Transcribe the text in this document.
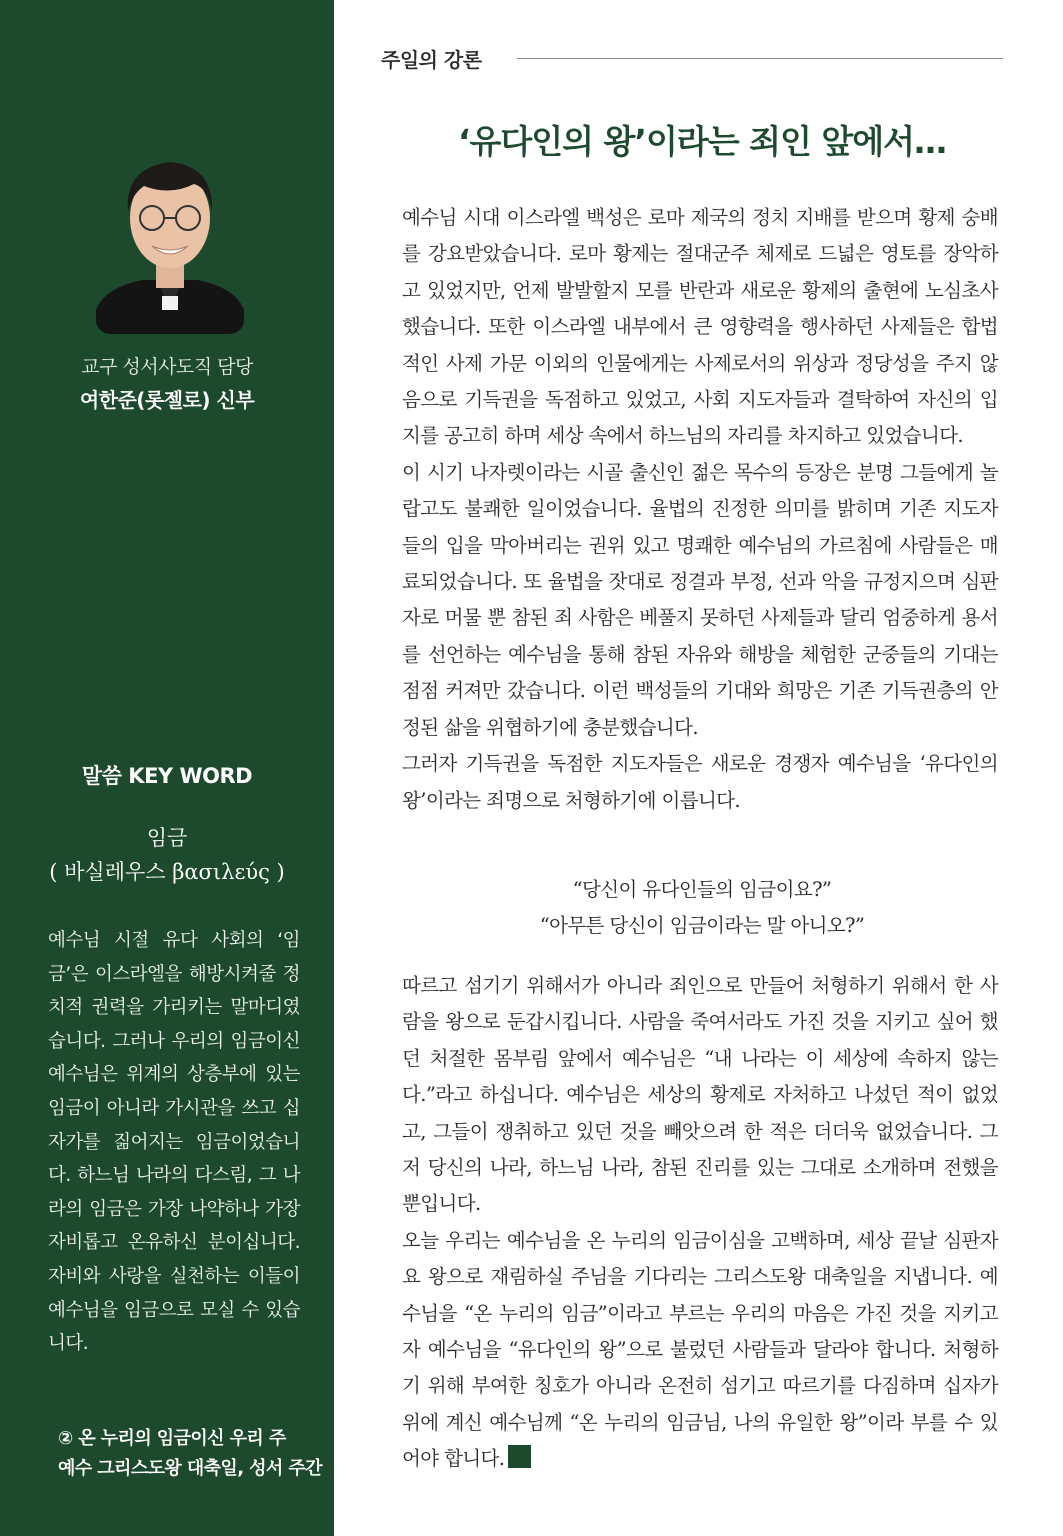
교구 성서사도직 담당
여한준(롯젤로) 신부
말씀 KEY WORD
임금
( 바실레우스 βασιλεύς )
예수님 시절 유다 사회의 ‘임금’은 이스라엘을 해방시켜줄 정치적 권력을 가리키는 말마디였습니다. 그러나 우리의 임금이신 예수님은 위계의 상층부에 있는 임금이 아니라 가시관을 쓰고 십자가를 짊어지는 임금이었습니다. 하느님 나라의 다스림, 그 나라의 임금은 가장 나약하나 가장 자비롭고 온유하신 분이십니다. 자비와 사랑을 실천하는 이들이 예수님을 임금으로 모실 수 있습니다.
② 온 누리의 임금이신 우리 주
예수 그리스도왕 대축일, 성서 주간
주일의 강론
‘유다인의 왕’이라는 죄인 앞에서…

예수님 시대 이스라엘 백성은 로마 제국의 정치 지배를 받으며 황제 숭배를 강요받았습니다. 로마 황제는 절대군주 체제로 드넓은 영토를 장악하고 있었지만, 언제 발발할지 모를 반란과 새로운 황제의 출현에 노심초사했습니다. 또한 이스라엘 내부에서 큰 영향력을 행사하던 사제들은 합법적인 사제 가문 이외의 인물에게는 사제로서의 위상과 정당성을 주지 않음으로 기득권을 독점하고 있었고, 사회 지도자들과 결탁하여 자신의 입지를 공고히 하며 세상 속에서 하느님의 자리를 차지하고 있었습니다.

이 시기 나자렛이라는 시골 출신인 젊은 목수의 등장은 분명 그들에게 놀랍고도 불쾌한 일이었습니다. 율법의 진정한 의미를 밝히며 기존 지도자들의 입을 막아버리는 권위 있고 명쾌한 예수님의 가르침에 사람들은 매료되었습니다. 또 율법을 잣대로 정결과 부정, 선과 악을 규정지으며 심판자로 머물 뿐 참된 죄 사함은 베풀지 못하던 사제들과 달리 엄중하게 용서를 선언하는 예수님을 통해 참된 자유와 해방을 체험한 군중들의 기대는 점점 커져만 갔습니다. 이런 백성들의 기대와 희망은 기존 기득권층의 안정된 삶을 위협하기에 충분했습니다.

그러자 기득권을 독점한 지도자들은 새로운 경쟁자 예수님을 ‘유다인의 왕’이라는 죄명으로 처형하기에 이릅니다.

“당신이 유다인들의 임금이요?”
“아무튼 당신이 임금이라는 말 아니오?”

따르고 섬기기 위해서가 아니라 죄인으로 만들어 처형하기 위해서 한 사람을 왕으로 둔갑시킵니다. 사람을 죽여서라도 가진 것을 지키고 싶어 했던 처절한 몸부림 앞에서 예수님은 “내 나라는 이 세상에 속하지 않는다.”라고 하십니다. 예수님은 세상의 황제로 자처하고 나섰던 적이 없었고, 그들이 쟁취하고 있던 것을 빼앗으려 한 적은 더더욱 없었습니다. 그저 당신의 나라, 하느님 나라, 참된 진리를 있는 그대로 소개하며 전했을 뿐입니다.

오늘 우리는 예수님을 온 누리의 임금이심을 고백하며, 세상 끝날 심판자요 왕으로 재림하실 주님을 기다리는 그리스도왕 대축일을 지냅니다. 예수님을 “온 누리의 임금”이라고 부르는 우리의 마음은 가진 것을 지키고자 예수님을 “유다인의 왕”으로 불렀던 사람들과 달라야 합니다. 처형하기 위해 부여한 칭호가 아니라 온전히 섬기고 따르기를 다짐하며 십자가 위에 계신 예수님께 “온 누리의 임금님, 나의 유일한 왕”이라 부를 수 있어야 합니다.
